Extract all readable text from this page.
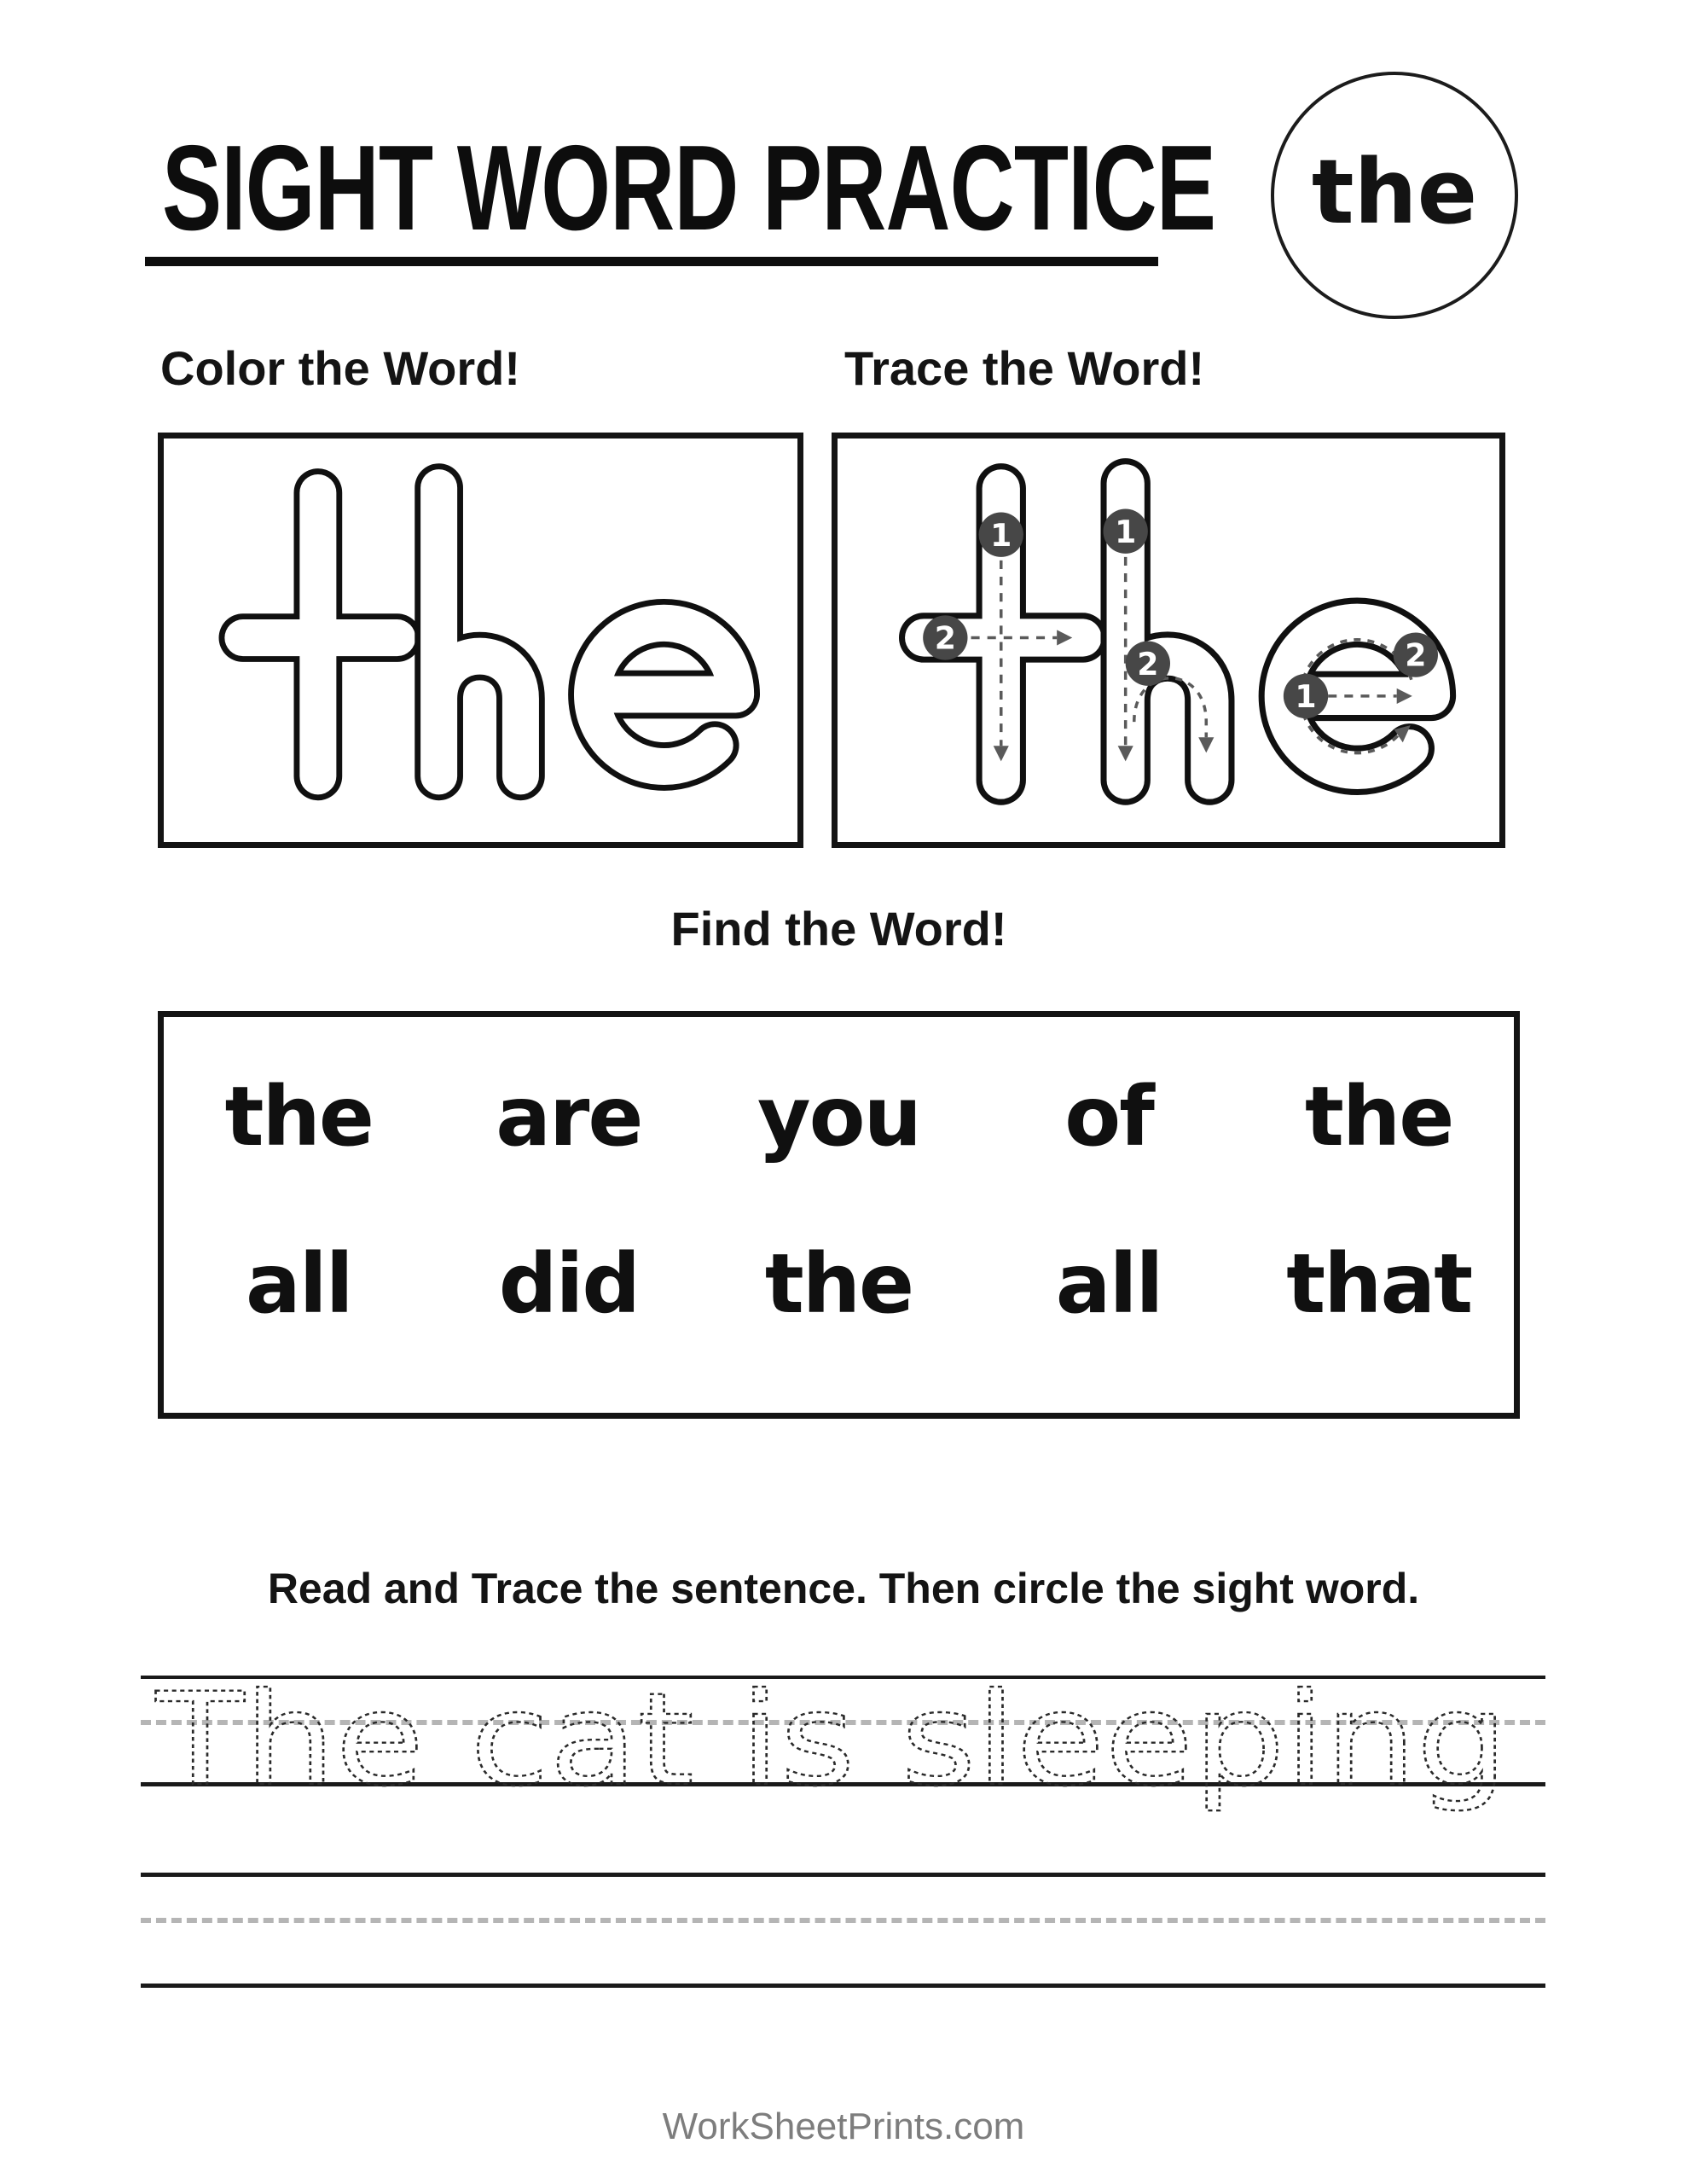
SIGHT WORD PRACTICE	the
Color the Word!	Trace the Word!
1
2
1
2
1
2
Find the Word!
the	are	you	of	the
all	did	the	all	that
Read and Trace the sentence. Then circle the sight word.
The cat is sleeping
WorkSheetPrints.com
